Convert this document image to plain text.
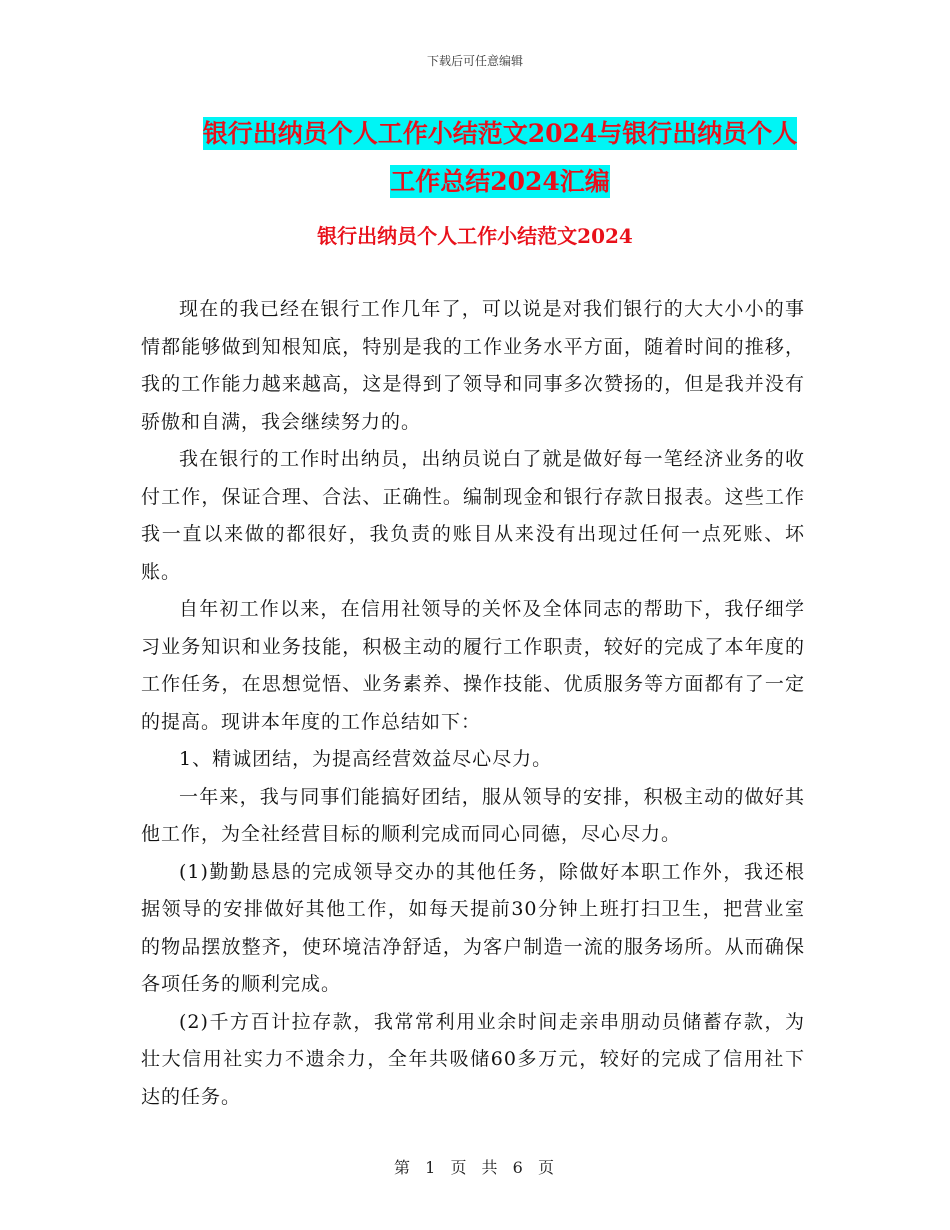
下载后可任意编辑
银行出纳员个人工作小结范文2024与银行出纳员个人
工作总结2024汇编
银行出纳员个人工作小结范文2024

现在的我已经在银行工作几年了，可以说是对我们银行的大大小小的事情都能够做到知根知底，特别是我的工作业务水平方面，随着时间的推移，我的工作能力越来越高，这是得到了领导和同事多次赞扬的，但是我并没有骄傲和自满，我会继续努力的。

我在银行的工作时出纳员，出纳员说白了就是做好每一笔经济业务的收付工作，保证合理、合法、正确性。编制现金和银行存款日报表。这些工作我一直以来做的都很好，我负责的账目从来没有出现过任何一点死账、坏账。

自年初工作以来，在信用社领导的关怀及全体同志的帮助下，我仔细学习业务知识和业务技能，积极主动的履行工作职责，较好的完成了本年度的工作任务，在思想觉悟、业务素养、操作技能、优质服务等方面都有了一定的提高。现讲本年度的工作总结如下：

1、精诚团结，为提高经营效益尽心尽力。

一年来，我与同事们能搞好团结，服从领导的安排，积极主动的做好其他工作，为全社经营目标的顺利完成而同心同德，尽心尽力。

(1)勤勤恳恳的完成领导交办的其他任务，除做好本职工作外，我还根据领导的安排做好其他工作，如每天提前30分钟上班打扫卫生，把营业室的物品摆放整齐，使环境洁净舒适，为客户制造一流的服务场所。从而确保各项任务的顺利完成。

(2)千方百计拉存款，我常常利用业余时间走亲串朋动员储蓄存款，为壮大信用社实力不遗余力，全年共吸储60多万元，较好的完成了信用社下达的任务。

第 1 页 共 6 页
